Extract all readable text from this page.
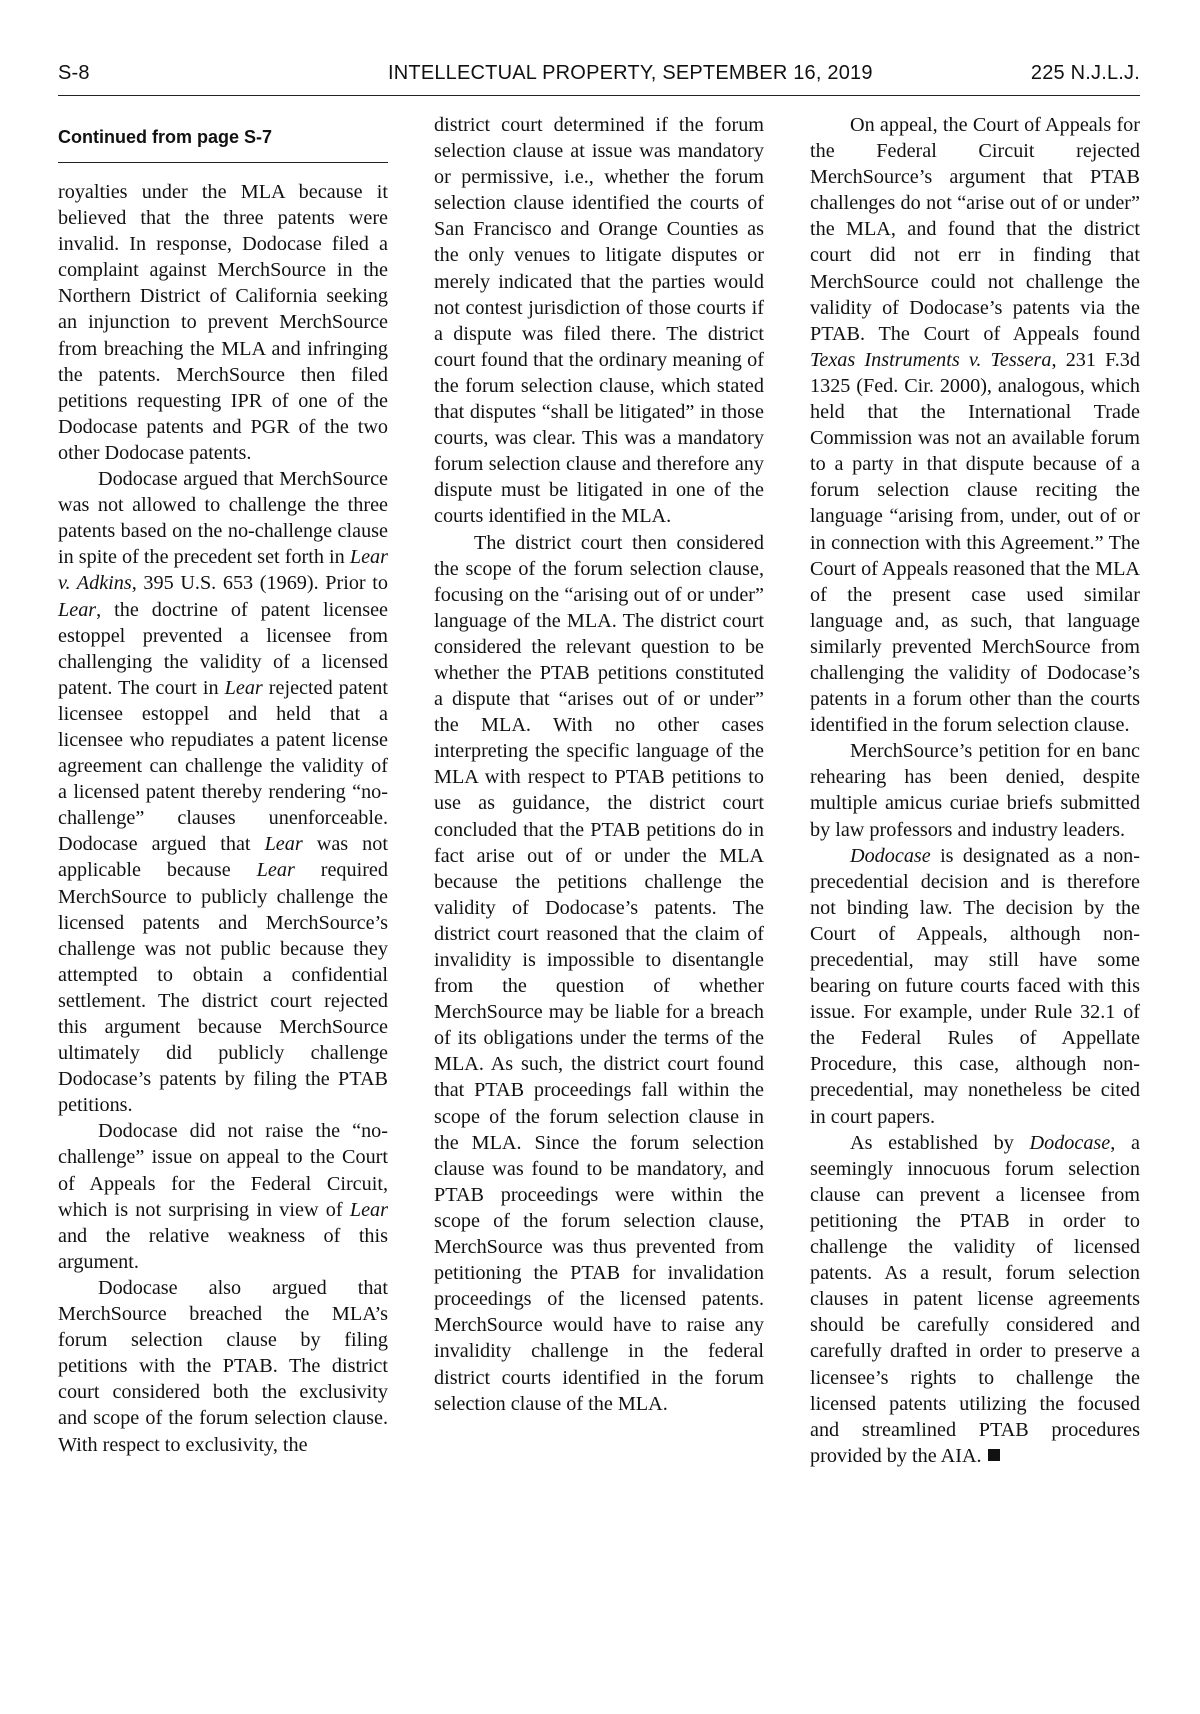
S-8	INTELLECTUAL PROPERTY, SEPTEMBER 16, 2019	225 N.J.L.J.
Continued from page S-7

royalties under the MLA because it believed that the three patents were invalid. In response, Dodocase filed a complaint against MerchSource in the Northern District of California seeking an injunction to prevent MerchSource from breaching the MLA and infringing the patents. MerchSource then filed petitions requesting IPR of one of the Dodocase patents and PGR of the two other Dodocase patents.

Dodocase argued that MerchSource was not allowed to challenge the three patents based on the no-challenge clause in spite of the precedent set forth in Lear v. Adkins, 395 U.S. 653 (1969). Prior to Lear, the doctrine of patent licensee estoppel prevented a licensee from challenging the validity of a licensed patent. The court in Lear rejected patent licensee estoppel and held that a licensee who repudiates a patent license agreement can challenge the validity of a licensed patent thereby rendering “no-challenge” clauses unenforceable. Dodocase argued that Lear was not applicable because Lear required MerchSource to publicly challenge the licensed patents and MerchSource’s challenge was not public because they attempted to obtain a confidential settlement. The district court rejected this argument because MerchSource ultimately did publicly challenge Dodocase’s patents by filing the PTAB petitions.

Dodocase did not raise the “no-challenge” issue on appeal to the Court of Appeals for the Federal Circuit, which is not surprising in view of Lear and the relative weakness of this argument.

Dodocase also argued that MerchSource breached the MLA’s forum selection clause by filing petitions with the PTAB. The district court considered both the exclusivity and scope of the forum selection clause. With respect to exclusivity, the

district court determined if the forum selection clause at issue was mandatory or permissive, i.e., whether the forum selection clause identified the courts of San Francisco and Orange Counties as the only venues to litigate disputes or merely indicated that the parties would not contest jurisdiction of those courts if a dispute was filed there. The district court found that the ordinary meaning of the forum selection clause, which stated that disputes “shall be litigated” in those courts, was clear. This was a mandatory forum selection clause and therefore any dispute must be litigated in one of the courts identified in the MLA.

The district court then considered the scope of the forum selection clause, focusing on the “arising out of or under” language of the MLA. The district court considered the relevant question to be whether the PTAB petitions constituted a dispute that “arises out of or under” the MLA. With no other cases interpreting the specific language of the MLA with respect to PTAB petitions to use as guidance, the district court concluded that the PTAB petitions do in fact arise out of or under the MLA because the petitions challenge the validity of Dodocase’s patents. The district court reasoned that the claim of invalidity is impossible to disentangle from the question of whether MerchSource may be liable for a breach of its obligations under the terms of the MLA. As such, the district court found that PTAB proceedings fall within the scope of the forum selection clause in the MLA. Since the forum selection clause was found to be mandatory, and PTAB proceedings were within the scope of the forum selection clause, MerchSource was thus prevented from petitioning the PTAB for invalidation proceedings of the licensed patents. MerchSource would have to raise any invalidity challenge in the federal district courts identified in the forum selection clause of the MLA.

On appeal, the Court of Appeals for the Federal Circuit rejected MerchSource’s argument that PTAB challenges do not “arise out of or under” the MLA, and found that the district court did not err in finding that MerchSource could not challenge the validity of Dodocase’s patents via the PTAB. The Court of Appeals found Texas Instruments v. Tessera, 231 F.3d 1325 (Fed. Cir. 2000), analogous, which held that the International Trade Commission was not an available forum to a party in that dispute because of a forum selection clause reciting the language “arising from, under, out of or in connection with this Agreement.” The Court of Appeals reasoned that the MLA of the present case used similar language and, as such, that language similarly prevented MerchSource from challenging the validity of Dodocase’s patents in a forum other than the courts identified in the forum selection clause.

MerchSource’s petition for en banc rehearing has been denied, despite multiple amicus curiae briefs submitted by law professors and industry leaders.

Dodocase is designated as a non-precedential decision and is therefore not binding law. The decision by the Court of Appeals, although non-precedential, may still have some bearing on future courts faced with this issue. For example, under Rule 32.1 of the Federal Rules of Appellate Procedure, this case, although non-precedential, may nonetheless be cited in court papers.

As established by Dodocase, a seemingly innocuous forum selection clause can prevent a licensee from petitioning the PTAB in order to challenge the validity of licensed patents. As a result, forum selection clauses in patent license agreements should be carefully considered and carefully drafted in order to preserve a licensee’s rights to challenge the licensed patents utilizing the focused and streamlined PTAB procedures provided by the AIA.
